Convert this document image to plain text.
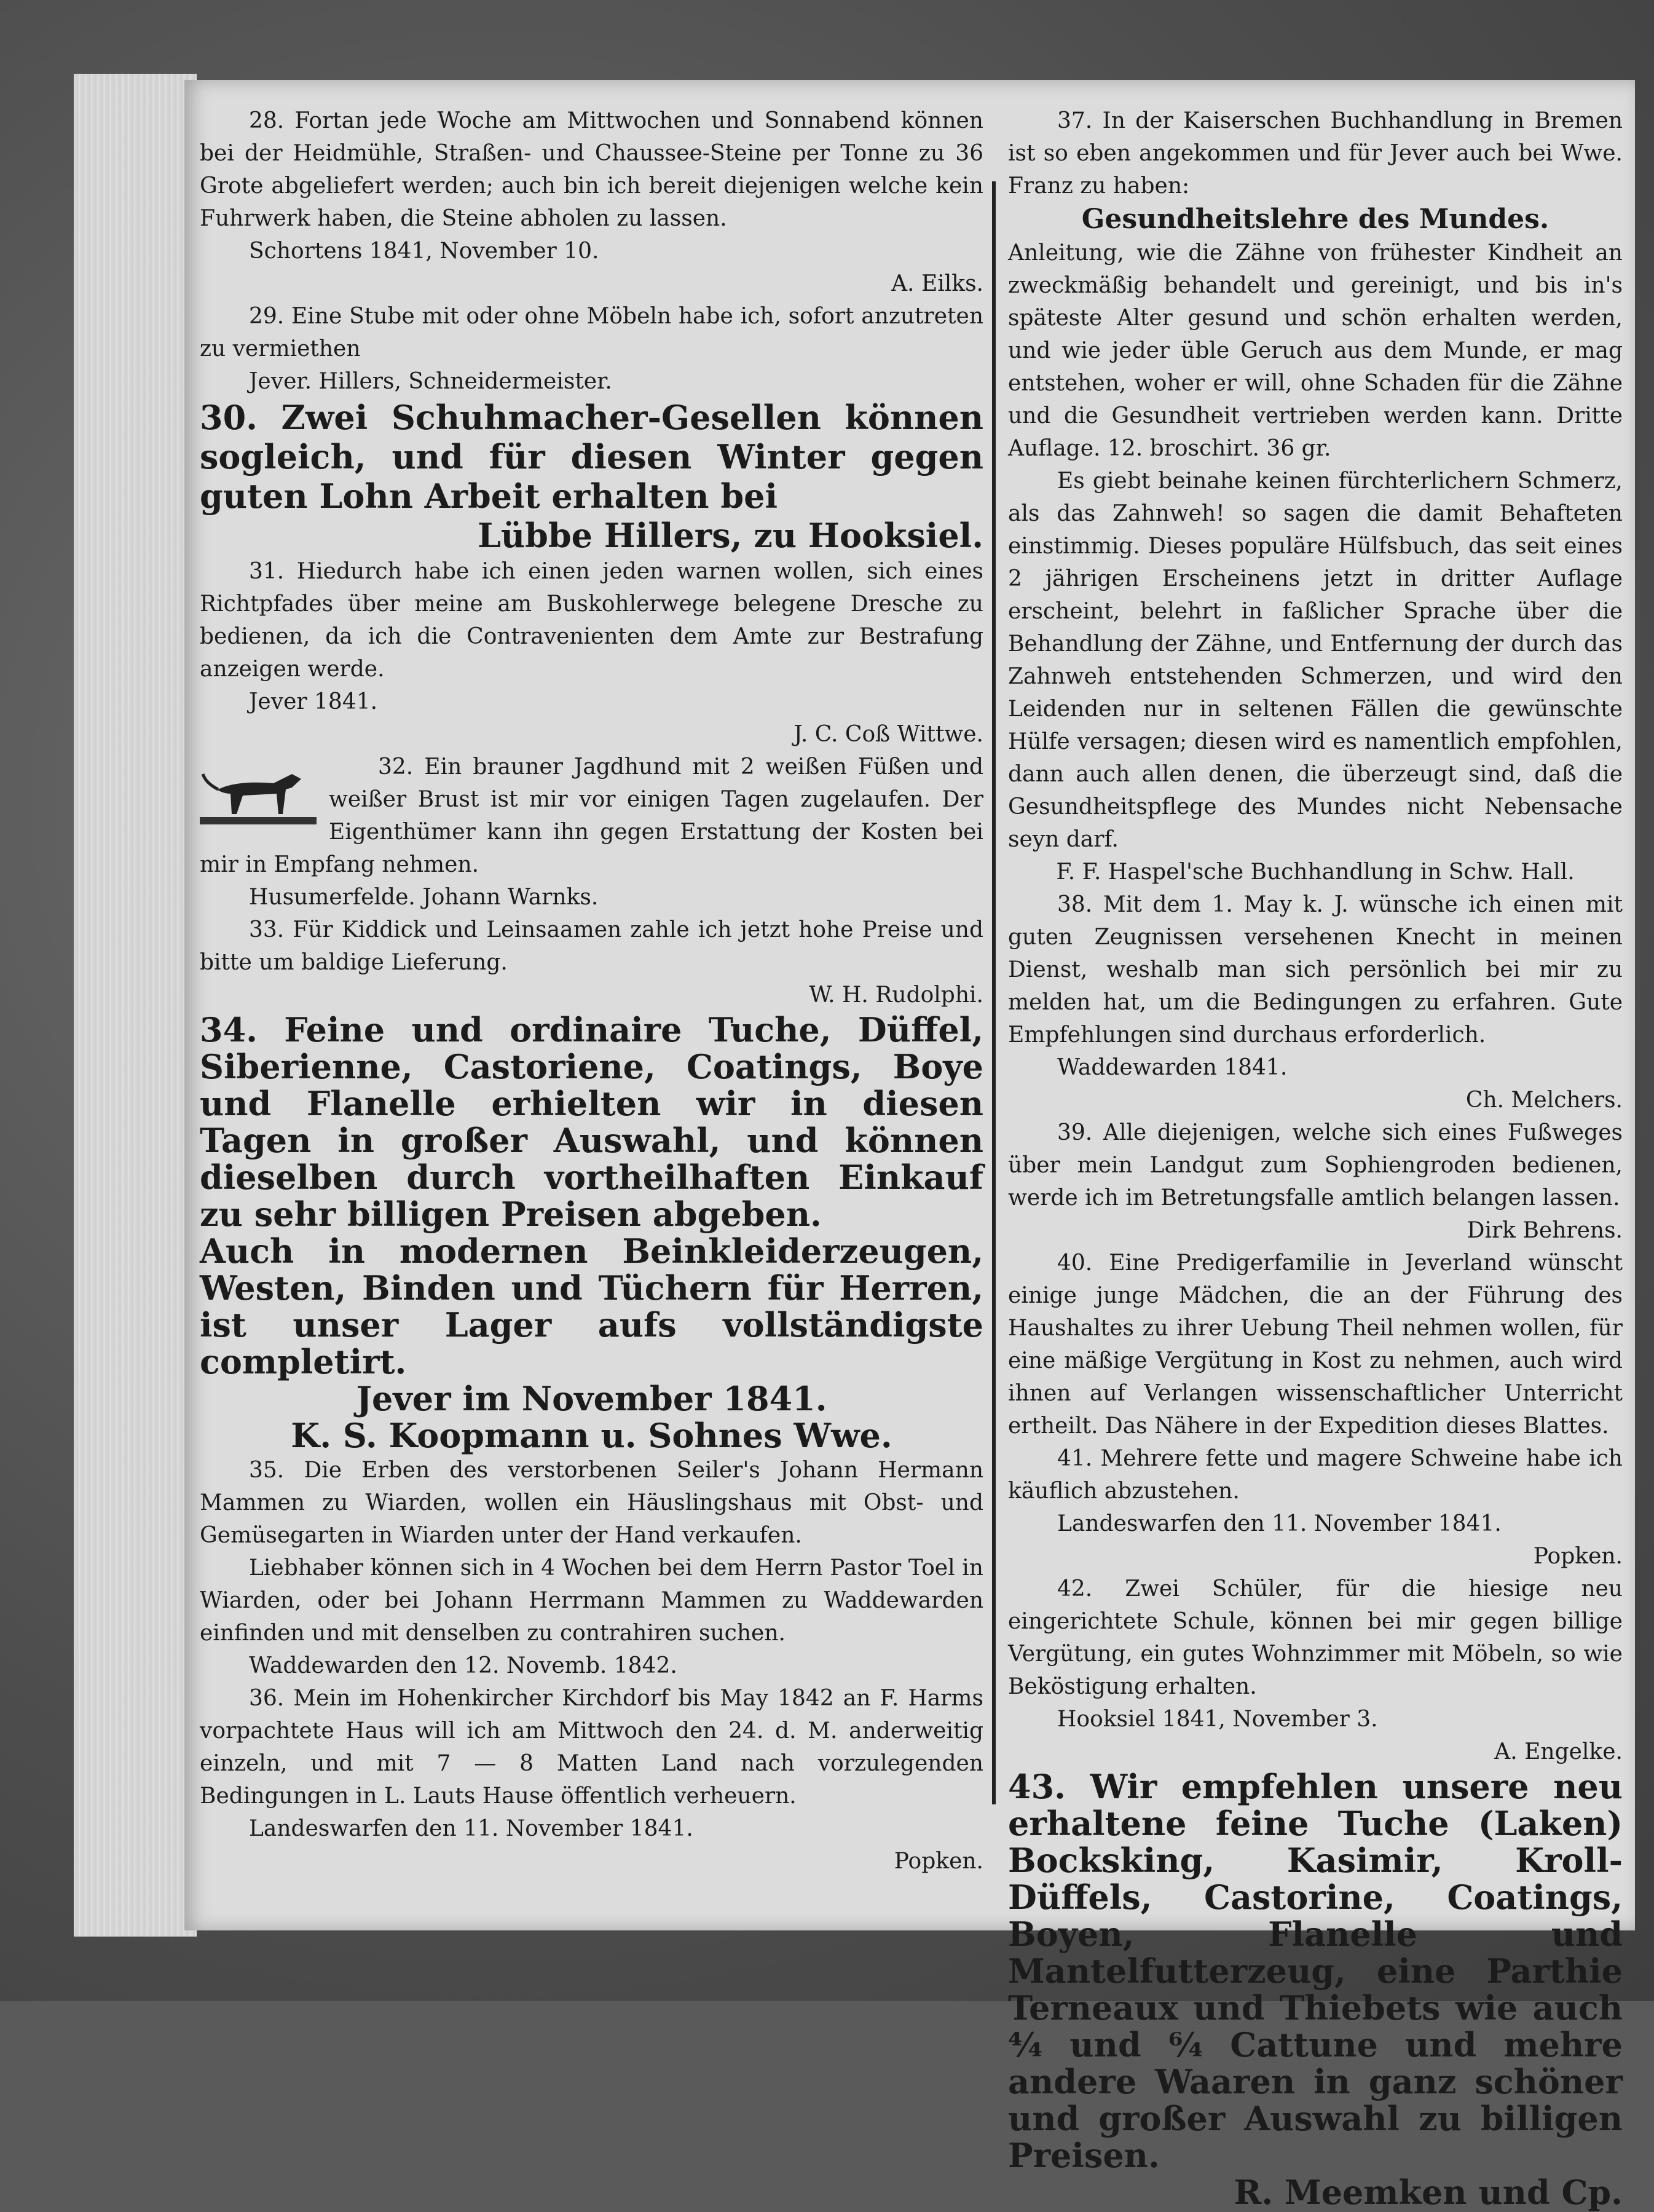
28. Fortan jede Woche am Mittwochen und Sonnabend können bei der Heidmühle, Straßen- und Chaussee-Steine per Tonne zu 36 Grote abgeliefert werden; auch bin ich bereit diejenigen welche kein Fuhrwerk haben, die Steine abholen zu lassen.

Schortens 1841, November 10.

A. Eilks.

29. Eine Stube mit oder ohne Möbeln habe ich, sofort anzutreten zu vermiethen

Jever. Hillers, Schneidermeister.

30. Zwei Schuhmacher-Gesellen können sogleich, und für diesen Winter gegen guten Lohn Arbeit erhalten bei

Lübbe Hillers, zu Hooksiel.

31. Hiedurch habe ich einen jeden warnen wollen, sich eines Richtpfades über meine am Buskohlerwege belegene Dresche zu bedienen, da ich die Contravenienten dem Amte zur Bestrafung anzeigen werde.

Jever 1841.

J. C. Coß Wittwe.

32. Ein brauner Jagdhund mit 2 weißen Füßen und weißer Brust ist mir vor einigen Tagen zugelaufen. Der Eigenthümer kann ihn gegen Erstattung der Kosten bei mir in Empfang nehmen.

Husumerfelde. Johann Warnks.

33. Für Kiddick und Leinsaamen zahle ich jetzt hohe Preise und bitte um baldige Lieferung.

W. H. Rudolphi.

34. Feine und ordinaire Tuche, Düffel, Siberienne, Castoriene, Coatings, Boye und Flanelle erhielten wir in diesen Tagen in großer Auswahl, und können dieselben durch vortheilhaften Einkauf zu sehr billigen Preisen abgeben.

Auch in modernen Beinkleiderzeugen, Westen, Binden und Tüchern für Herren, ist unser Lager aufs vollständigste completirt.

Jever im November 1841.

K. S. Koopmann u. Sohnes Wwe.

35. Die Erben des verstorbenen Seiler's Johann Hermann Mammen zu Wiarden, wollen ein Häuslingshaus mit Obst- und Gemüsegarten in Wiarden unter der Hand verkaufen.

Liebhaber können sich in 4 Wochen bei dem Herrn Pastor Toel in Wiarden, oder bei Johann Herrmann Mammen zu Waddewarden einfinden und mit denselben zu contrahiren suchen.

Waddewarden den 12. Novemb. 1842.

36. Mein im Hohenkircher Kirchdorf bis May 1842 an F. Harms vorpachtete Haus will ich am Mittwoch den 24. d. M. anderweitig einzeln, und mit 7 — 8 Matten Land nach vorzulegenden Bedingungen in L. Lauts Hause öffentlich verheuern.

Landeswarfen den 11. November 1841.

Popken.

37. In der Kaiserschen Buchhandlung in Bremen ist so eben angekommen und für Jever auch bei Wwe. Franz zu haben:

Gesundheitslehre des Mundes.

Anleitung, wie die Zähne von frühester Kindheit an zweckmäßig behandelt und gereinigt, und bis in's späteste Alter gesund und schön erhalten werden, und wie jeder üble Geruch aus dem Munde, er mag entstehen, woher er will, ohne Schaden für die Zähne und die Gesundheit vertrieben werden kann. Dritte Auflage. 12. broschirt. 36 gr.

Es giebt beinahe keinen fürchterlichern Schmerz, als das Zahnweh! so sagen die damit Behafteten einstimmig. Dieses populäre Hülfsbuch, das seit eines 2 jährigen Erscheinens jetzt in dritter Auflage erscheint, belehrt in faßlicher Sprache über die Behandlung der Zähne, und Entfernung der durch das Zahnweh entstehenden Schmerzen, und wird den Leidenden nur in seltenen Fällen die gewünschte Hülfe versagen; diesen wird es namentlich empfohlen, dann auch allen denen, die überzeugt sind, daß die Gesundheitspflege des Mundes nicht Nebensache seyn darf.

F. F. Haspel'sche Buchhandlung in Schw. Hall.

38. Mit dem 1. May k. J. wünsche ich einen mit guten Zeugnissen versehenen Knecht in meinen Dienst, weshalb man sich persönlich bei mir zu melden hat, um die Bedingungen zu erfahren. Gute Empfehlungen sind durchaus erforderlich.

Waddewarden 1841.

Ch. Melchers.

39. Alle diejenigen, welche sich eines Fußweges über mein Landgut zum Sophiengroden bedienen, werde ich im Betretungsfalle amtlich belangen lassen.

Dirk Behrens.

40. Eine Predigerfamilie in Jeverland wünscht einige junge Mädchen, die an der Führung des Haushaltes zu ihrer Uebung Theil nehmen wollen, für eine mäßige Vergütung in Kost zu nehmen, auch wird ihnen auf Verlangen wissenschaftlicher Unterricht ertheilt. Das Nähere in der Expedition dieses Blattes.

41. Mehrere fette und magere Schweine habe ich käuflich abzustehen.

Landeswarfen den 11. November 1841.

Popken.

42. Zwei Schüler, für die hiesige neu eingerichtete Schule, können bei mir gegen billige Vergütung, ein gutes Wohnzimmer mit Möbeln, so wie Beköstigung erhalten.

Hooksiel 1841, November 3.

A. Engelke.

43. Wir empfehlen unsere neu erhaltene feine Tuche (Laken) Bocksking, Kasimir, Kroll-Düffels, Castorine, Coatings, Boyen, Flanelle und Mantelfutterzeug, eine Parthie Terneaux und Thiebets wie auch ⁴⁄₄ und ⁶⁄₄ Cattune und mehre andere Waaren in ganz schöner und großer Auswahl zu billigen Preisen.

R. Meemken und Cp.
